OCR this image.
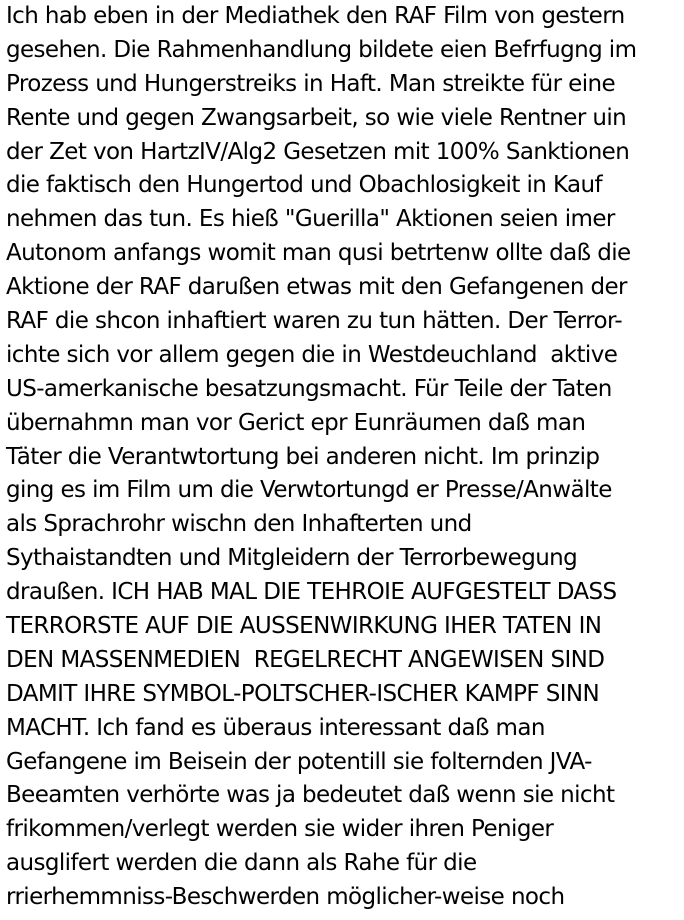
Ich hab eben in der Mediathek den RAF Film von gestern
gesehen. Die Rahmenhandlung bildete eien Befrfugng im
Prozess und Hungerstreiks in Haft. Man streikte für eine
Rente und gegen Zwangsarbeit, so wie viele Rentner uin
der Zet von HartzIV/Alg2 Gesetzen mit 100% Sanktionen
die faktisch den Hungertod und Obachlosigkeit in Kauf
nehmen das tun. Es hieß "Guerilla" Aktionen seien imer
Autonom anfangs womit man qusi betrtenw ollte daß die
Aktione der RAF darußen etwas mit den Gefangenen der
RAF die shcon inhaftiert waren zu tun hätten. Der Terror-
ichte sich vor allem gegen die in Westdeuchland  aktive
US-amerkanische besatzungsmacht. Für Teile der Taten
übernahmn man vor Gerict epr Eunräumen daß man
Täter die Verantwtortung bei anderen nicht. Im prinzip
ging es im Film um die Verwtortungd er Presse/Anwälte
als Sprachrohr wischn den Inhafterten und
Sythaistandten und Mitgleidern der Terrorbewegung
draußen. ICH HAB MAL DIE TEHROIE AUFGESTELT DASS
TERRORSTE AUF DIE AUSSENWIRKUNG IHER TATEN IN
DEN MASSENMEDIEN  REGELRECHT ANGEWISEN SIND
DAMIT IHRE SYMBOL-POLTSCHER-ISCHER KAMPF SINN
MACHT. Ich fand es überaus interessant daß man
Gefangene im Beisein der potentill sie folternden JVA-
Beeamten verhörte was ja bedeutet daß wenn sie nicht
frikommen/verlegt werden sie wider ihren Peniger
ausglifert werden die dann als Rahe für die
rrierhemmniss-Beschwerden möglicher-weise noch
